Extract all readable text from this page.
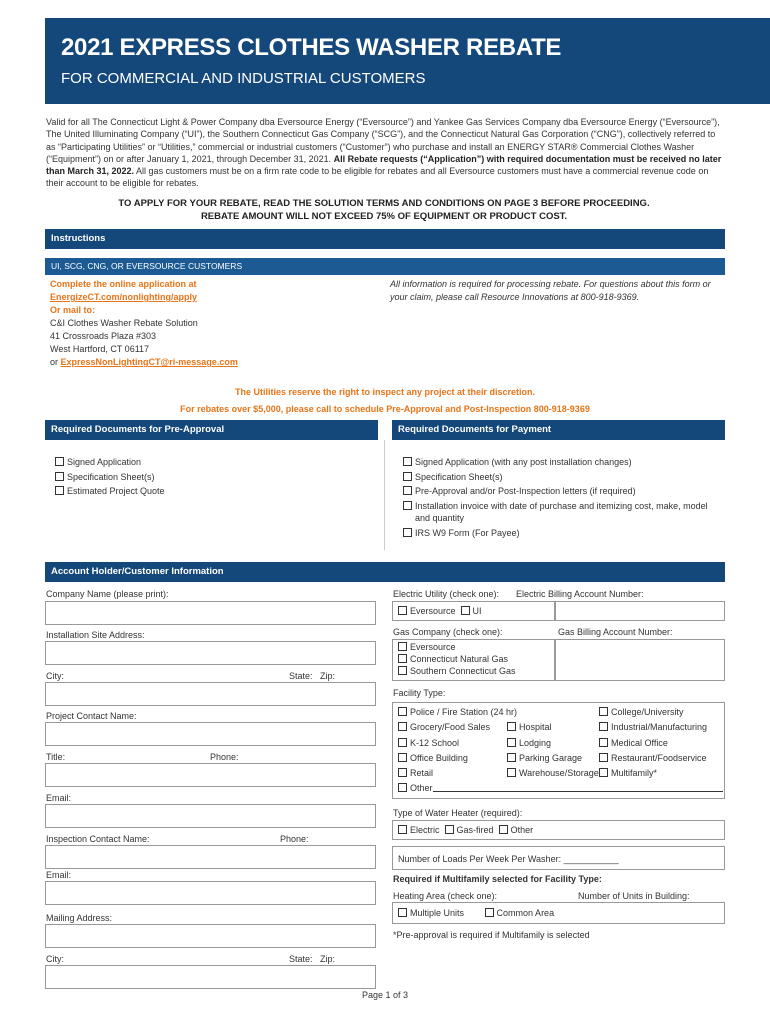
2021 EXPRESS CLOTHES WASHER REBATE
FOR COMMERCIAL AND INDUSTRIAL CUSTOMERS
Valid for all The Connecticut Light & Power Company dba Eversource Energy (“Eversource”) and Yankee Gas Services Company dba Eversource Energy (“Eversource”), The United Illuminating Company (“UI”), the Southern Connecticut Gas Company (“SCG”), and the Connecticut Natural Gas Corporation (“CNG”), collectively referred to as “Participating Utilities” or “Utilities,” commercial or industrial customers (“Customer”) who purchase and install an ENERGY STAR® Commercial Clothes Washer (“Equipment”) on or after January 1, 2021, through December 31, 2021. All Rebate requests (“Application”) with required documentation must be received no later than March 31, 2022. All gas customers must be on a firm rate code to be eligible for rebates and all Eversource customers must have a commercial revenue code on their account to be eligible for rebates.
TO APPLY FOR YOUR REBATE, READ THE SOLUTION TERMS AND CONDITIONS ON PAGE 3 BEFORE PROCEEDING.
REBATE AMOUNT WILL NOT EXCEED 75% OF EQUIPMENT OR PRODUCT COST.
Instructions
UI, SCG, CNG, OR EVERSOURCE CUSTOMERS
Complete the online application at
EnergizeCT.com/nonlighting/apply
Or mail to:
C&I Clothes Washer Rebate Solution
41 Crossroads Plaza #303
West Hartford, CT 06117
or ExpressNonLightingCT@ri-message.com
All information is required for processing rebate. For questions about this form or your claim, please call Resource Innovations at 800-918-9369.
The Utilities reserve the right to inspect any project at their discretion.
For rebates over $5,000, please call to schedule Pre-Approval and Post-Inspection 800-918-9369
Required Documents for Pre-Approval	Required Documents for Payment
Signed Application
Specification Sheet(s)
Estimated Project Quote
Signed Application (with any post installation changes)
Specification Sheet(s)
Pre-Approval and/or Post-Inspection letters (if required)
Installation invoice with date of purchase and itemizing cost, make, model and quantity
IRS W9 Form (For Payee)
Account Holder/Customer Information
Company Name (please print):
Installation Site Address:
City:	State: Zip:
Project Contact Name:
Title:	Phone:
Email:
Inspection Contact Name:	Phone:
Email:
Mailing Address:
City:	State: Zip:
Electric Utility (check one): Electric Billing Account Number:
Eversource UI
Gas Company (check one):	Gas Billing Account Number:
Eversource
Connecticut Natural Gas
Southern Connecticut Gas
Facility Type:
Police / Fire Station (24 hr)
Grocery/Food Sales
K-12 School
Office Building
Retail
Other
Hospital
Lodging
Parking Garage
Warehouse/Storage
College/University
Industrial/Manufacturing
Medical Office
Restaurant/Foodservice
Multifamily*
Type of Water Heater (required):
Electric Gas-fired Other
Number of Loads Per Week Per Washer: ___________
Required if Multifamily selected for Facility Type:
Heating Area (check one):	Number of Units in Building:
Multiple Units	Common Area
*Pre-approval is required if Multifamily is selected
Page 1 of 3
